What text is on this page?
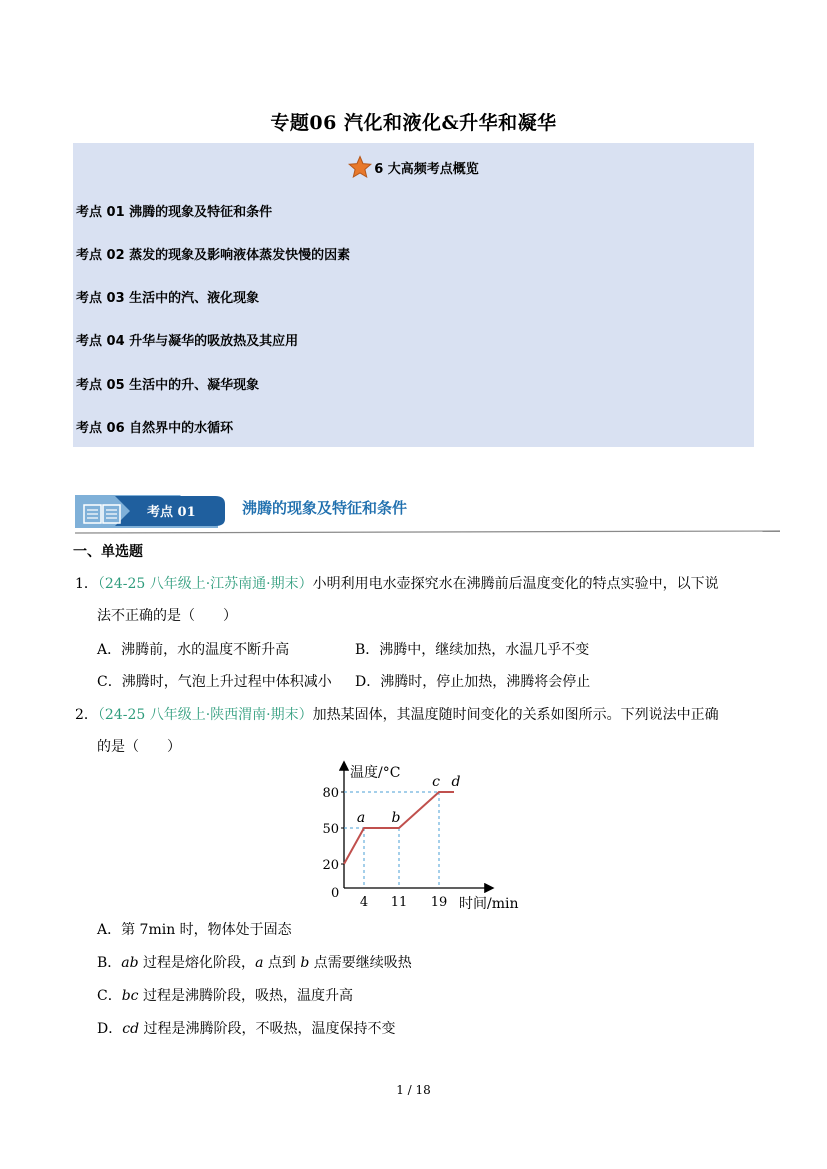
专题06 汽化和液化&升华和凝华
6 大高频考点概览
考点 01 沸腾的现象及特征和条件
考点 02 蒸发的现象及影响液体蒸发快慢的因素
考点 03 生活中的汽、液化现象
考点 04 升华与凝华的吸放热及其应用
考点 05 生活中的升、凝华现象
考点 06 自然界中的水循环
考点 01	沸腾的现象及特征和条件
一、单选题
1．（24-25 八年级上·江苏南通·期末）小明利用电水壶探究水在沸腾前后温度变化的特点实验中，以下说
法不正确的是（　　）
A．沸腾前，水的温度不断升高	B．沸腾中，继续加热，水温几乎不变
C．沸腾时，气泡上升过程中体积减小 D．沸腾时，停止加热，沸腾将会停止
2．（24-25 八年级上·陕西渭南·期末）加热某固体，其温度随时间变化的关系如图所示。下列说法中正确
的是（　　）
温度/°C
时间/min
0
20
50
80
4 11 19
a b
c d
A．第 7min 时，物体处于固态
B．ab 过程是熔化阶段，a 点到 b 点需要继续吸热
C．bc 过程是沸腾阶段，吸热，温度升高
D．cd 过程是沸腾阶段，不吸热，温度保持不变
1 / 18
